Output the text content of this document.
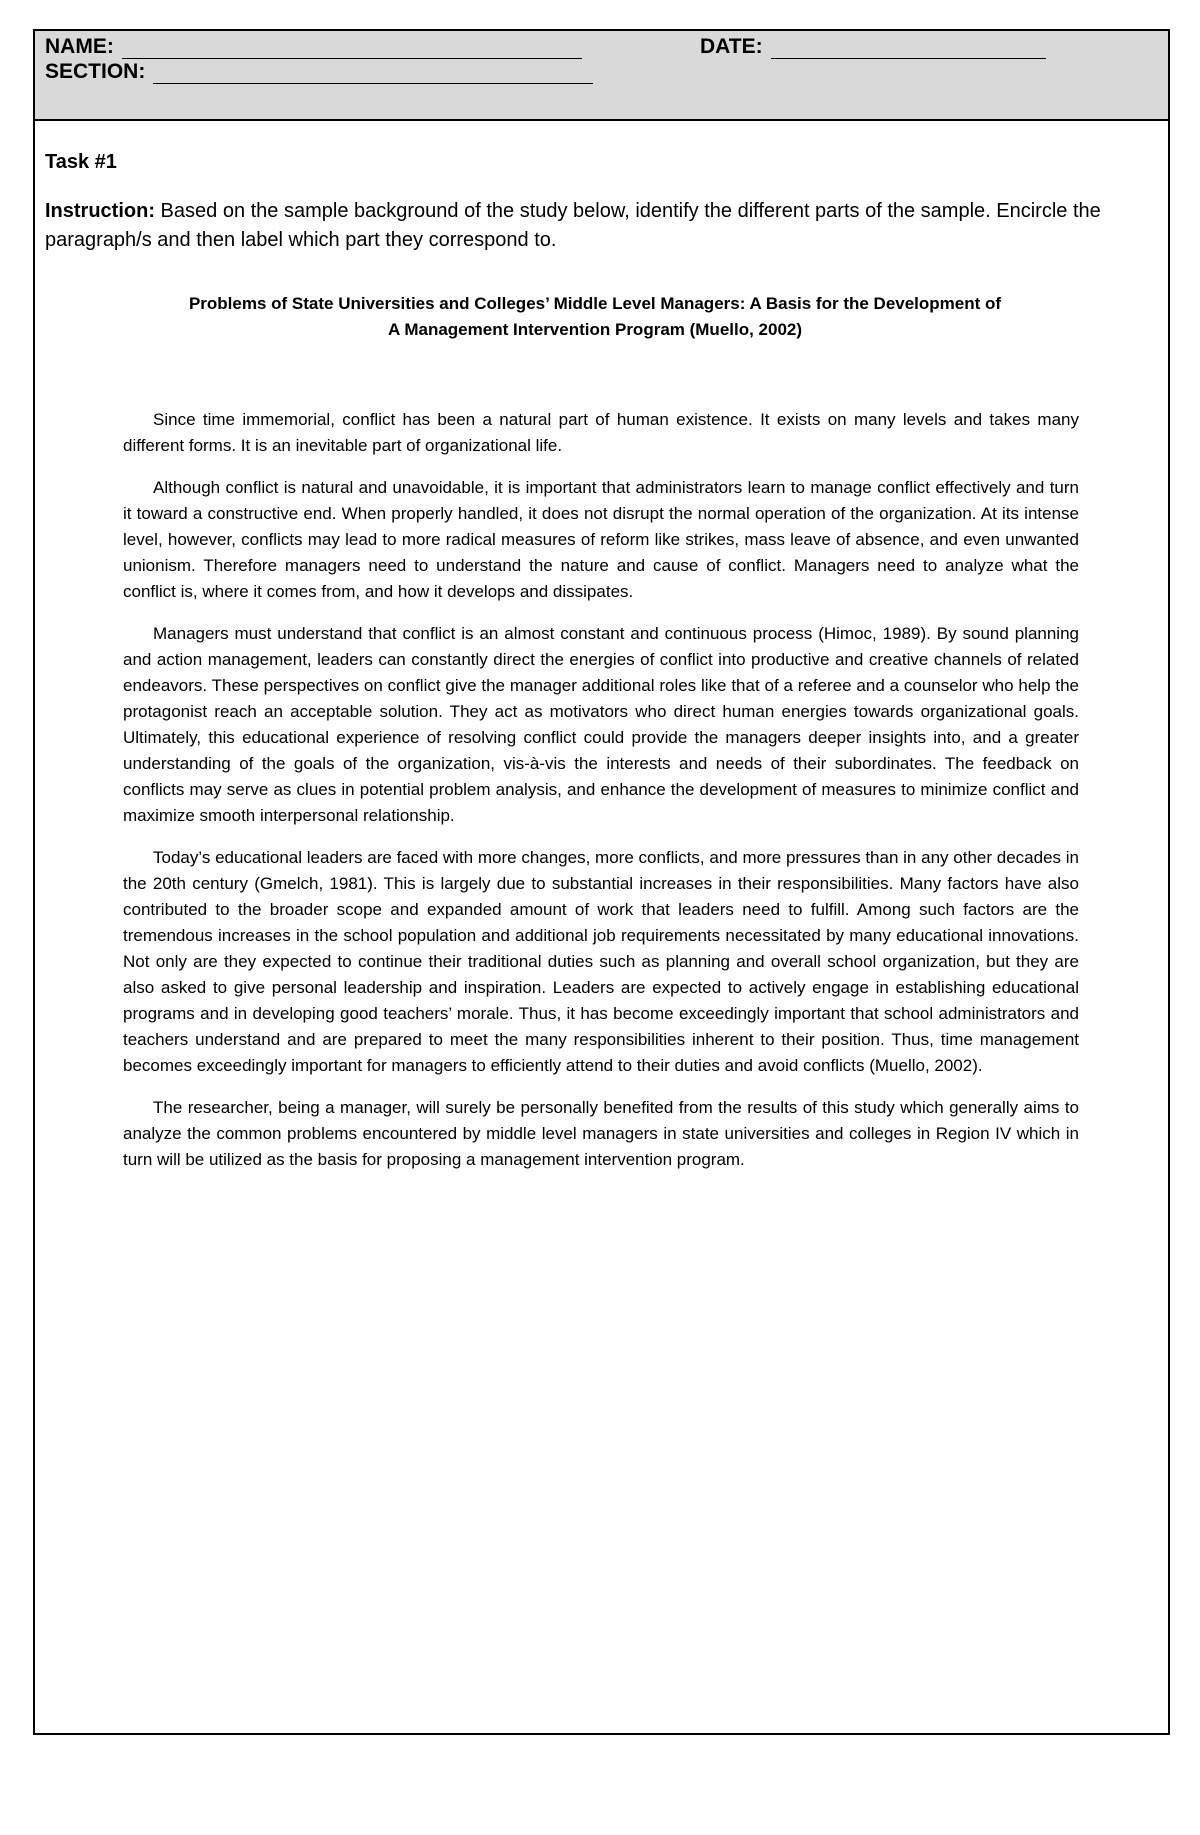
NAME:	DATE:
SECTION:
Task #1
Instruction: Based on the sample background of the study below, identify the different parts of the sample. Encircle the paragraph/s and then label which part they correspond to.
Problems of State Universities and Colleges’ Middle Level Managers: A Basis for the Development of
A Management Intervention Program (Muello, 2002)

Since time immemorial, conflict has been a natural part of human existence. It exists on many levels and takes many different forms. It is an inevitable part of organizational life.

Although conflict is natural and unavoidable, it is important that administrators learn to manage conflict effectively and turn it toward a constructive end. When properly handled, it does not disrupt the normal operation of the organization. At its intense level, however, conflicts may lead to more radical measures of reform like strikes, mass leave of absence, and even unwanted unionism. Therefore managers need to understand the nature and cause of conflict. Managers need to analyze what the conflict is, where it comes from, and how it develops and dissipates.

Managers must understand that conflict is an almost constant and continuous process (Himoc, 1989). By sound planning and action management, leaders can constantly direct the energies of conflict into productive and creative channels of related endeavors. These perspectives on conflict give the manager additional roles like that of a referee and a counselor who help the protagonist reach an acceptable solution. They act as motivators who direct human energies towards organizational goals. Ultimately, this educational experience of resolving conflict could provide the managers deeper insights into, and a greater understanding of the goals of the organization, vis-à-vis the interests and needs of their subordinates. The feedback on conflicts may serve as clues in potential problem analysis, and enhance the development of measures to minimize conflict and maximize smooth interpersonal relationship.

Today’s educational leaders are faced with more changes, more conflicts, and more pressures than in any other decades in the 20th century (Gmelch, 1981). This is largely due to substantial increases in their responsibilities. Many factors have also contributed to the broader scope and expanded amount of work that leaders need to fulfill. Among such factors are the tremendous increases in the school population and additional job requirements necessitated by many educational innovations. Not only are they expected to continue their traditional duties such as planning and overall school organization, but they are also asked to give personal leadership and inspiration. Leaders are expected to actively engage in establishing educational programs and in developing good teachers’ morale. Thus, it has become exceedingly important that school administrators and teachers understand and are prepared to meet the many responsibilities inherent to their position. Thus, time management becomes exceedingly important for managers to efficiently attend to their duties and avoid conflicts (Muello, 2002).

The researcher, being a manager, will surely be personally benefited from the results of this study which generally aims to analyze the common problems encountered by middle level managers in state universities and colleges in Region IV which in turn will be utilized as the basis for proposing a management intervention program.
